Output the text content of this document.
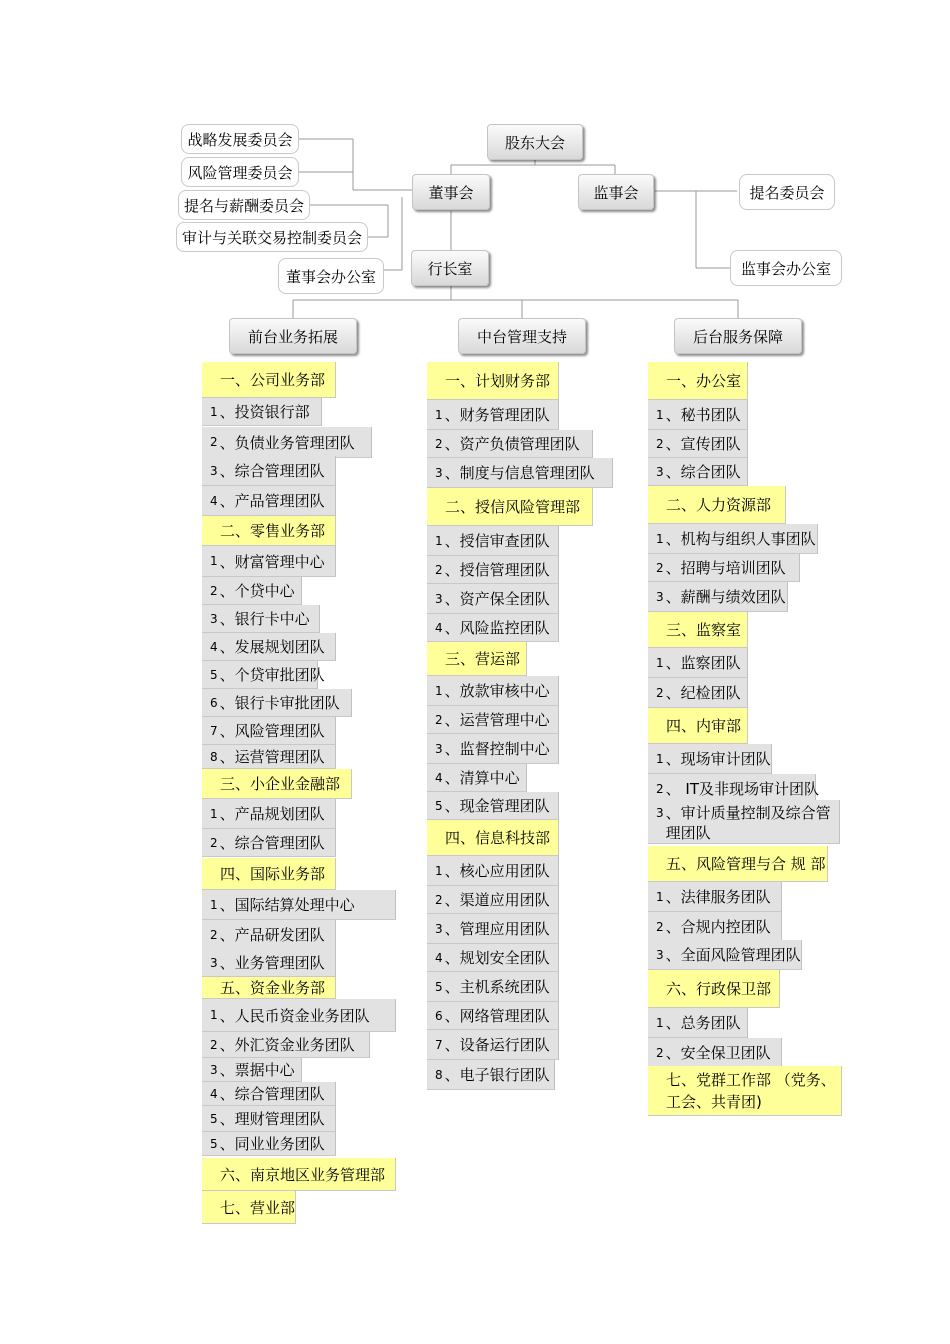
股东大会
董事会	监事会
行长室
战略发展委员会
风险管理委员会
提名与薪酬委员会
审计与关联交易控制委员会
董事会办公室
提名委员会
监事会办公室
前台业务拓展	中台管理支持	后台服务保障
一、公司业务部
1 、投资银行部
2 、负债业务管理团队
3 、综合管理团队
4 、产品管理团队
二、零售业务部
1 、财富管理中心
2 、个贷中心
3 、银行卡中心
4 、发展规划团队
5 、个贷审批团队
6 、银行卡审批团队
7 、风险管理团队
8 、运营管理团队
三、小企业金融部
1 、产品规划团队
2 、综合管理团队
四、国际业务部
1 、国际结算处理中心
2 、产品研发团队
3 、业务管理团队
五、资金业务部
1 、人民币资金业务团队
2 、外汇资金业务团队
3 、票据中心
4 、综合管理团队
5 、理财管理团队
5 、同业业务团队
六、南京地区业务管理部
七、营业部
一、计划财务部
1 、财务管理团队
2 、资产负债管理团队
3 、制度与信息管理团队
二、授信风险管理部
1 、授信审查团队
2 、授信管理团队
3 、资产保全团队
4 、风险监控团队
三、营运部
1 、放款审核中心
2 、运营管理中心
3 、监督控制中心
4 、清算中心
5 、现金管理团队
四、信息科技部
1 、核心应用团队
2 、渠道应用团队
3 、管理应用团队
4 、规划安全团队
5 、主机系统团队
6 、网络管理团队
7 、设备运行团队
8 、电子银行团队
一、办公室
1 、秘书团队
2 、宣传团队
3 、综合团队
二、人力资源部
1 、机构与组织人事团队
2 、招聘与培训团队
3 、薪酬与绩效团队
三、监察室
1 、监察团队
2 、纪检团队
四、内审部
1 、现场审计团队
2 、 IT及非现场审计团队
3 、审计质量控制及综合管理团队
五、风险管理与合 规 部
1 、法律服务团队
2 、合规内控团队
3 、全面风险管理团队
六、行政保卫部
1 、总务团队
2 、安全保卫团队
七、党群工作部 （党务、工会、共青团)
